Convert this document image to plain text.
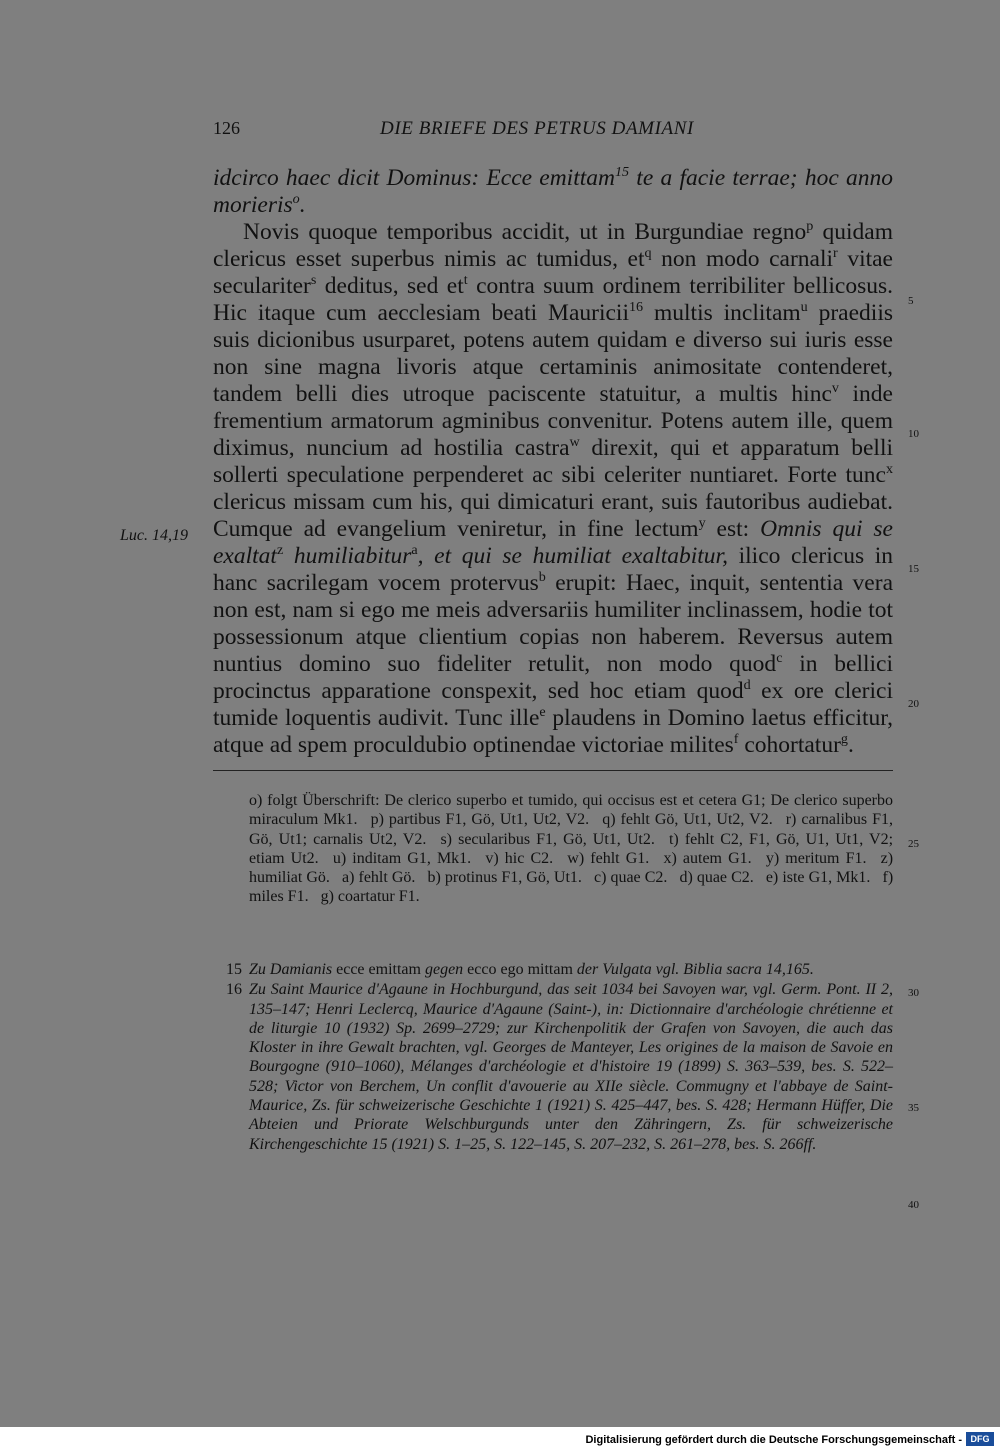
126	DIE BRIEFE DES PETRUS DAMIANI

idcirco haec dicit Dominus: Ecce emittam$^{15}$ te a facie terrae; hoc anno morieris$^o$.

Novis quoque temporibus accidit, ut in Burgundiae regno$^p$ quidam clericus esset superbus nimis ac tumidus, $et^q$ non modo carnali$^r$ vitae seculariter$^s$ deditus, sed $et^t$ contra suum ordinem terribiliter bellicosus. Hic itaque cum aecclesiam beati Mauricii$^{16}$ multis inclitam$^u$ praediis suis dicionibus usurparet, potens autem quidam e diverso sui iuris esse non sine magna livoris atque certaminis animositate contenderet, tandem belli dies utroque paciscente statuitur, a multis hinc$^v$ inde frementium armatorum agminibus convenitur. Potens autem ille, quem diximus, nuncium ad hostilia castra$^w$ direxit, qui et apparatum belli sollerti speculatione perpenderet ac sibi celeriter nuntiaret. Forte tunc$^x$ clericus missam cum his, qui dimicaturi erant, suis fautoribus audiebat. Cumque ad evangelium veniretur, in fine lectum$^y$ est: Omnis qui se exaltat$^z$ humiliabitur$^a$, et qui se humiliat exaltabitur, ilico clericus in hanc sacrilegam vocem protervus$^b$ erupit: Haec, inquit, sententia vera non est, nam si ego me meis adversariis humiliter inclinassem, hodie tot possessionum atque clientium copias non haberem. Reversus autem nuntius domino suo fideliter retulit, non modo quod$^c$ in bellici procinctus apparatione conspexit, sed hoc etiam quod$^d$ ex ore clerici tumide loquentis audivit. Tunc ille$^e$ plaudens in Domino laetus efficitur, atque ad spem proculdubio optinendae victoriae milites$^f$ cohortatur$^g$.

Luc. 14,19
5
10
15
20
25
30
35
40
o) folgt Überschrift: De clerico superbo et tumido, qui occisus est et cetera G1; De clerico superbo miraculum Mk1. p) partibus F1, Gö, Ut1, Ut2, V2. q) fehlt Gö, Ut1, Ut2, V2. r) carnalibus F1, Gö, Ut1; carnalis Ut2, V2. s) secularibus F1, Gö, Ut1, Ut2. t) fehlt C2, F1, Gö, U1, Ut1, V2; etiam Ut2. u) inditam G1, Mk1. v) hic C2. w) fehlt G1. x) autem G1. y) meritum F1. z) humiliat Gö. a) fehlt Gö. b) protinus F1, Gö, Ut1. c) quae C2. d) quae C2. e) iste G1, Mk1. f) miles F1. g) coartatur F1.
15 Zu Damianis ecce emittam gegen ecco ego mittam der Vulgata vgl. Biblia sacra 14,165.
16 Zu Saint Maurice d'Agaune in Hochburgund, das seit 1034 bei Savoyen war, vgl. Germ. Pont. II 2, 135–147; Henri Leclercq, Maurice d'Agaune (Saint-), in: Dictionnaire d'archéologie chrétienne et de liturgie 10 (1932) Sp. 2699–2729; zur Kirchenpolitik der Grafen von Savoyen, die auch das Kloster in ihre Gewalt brachten, vgl. Georges de Manteyer, Les origines de la maison de Savoie en Bourgogne (910–1060), Mélanges d'archéologie et d'histoire 19 (1899) S. 363–539, bes. S. 522–528; Victor von Berchem, Un conflit d'avouerie au XIIe siècle. Commugny et l'abbaye de Saint-Maurice, Zs. für schweizerische Geschichte 1 (1921) S. 425–447, bes. S. 428; Hermann Hüffer, Die Abteien und Priorate Welschburgunds unter den Zähringern, Zs. für schweizerische Kirchengeschichte 15 (1921) S. 1–25, S. 122–145, S. 207–232, S. 261–278, bes. S. 266ff.
Digitalisierung gefördert durch die Deutsche Forschungsgemeinschaft - DFG
